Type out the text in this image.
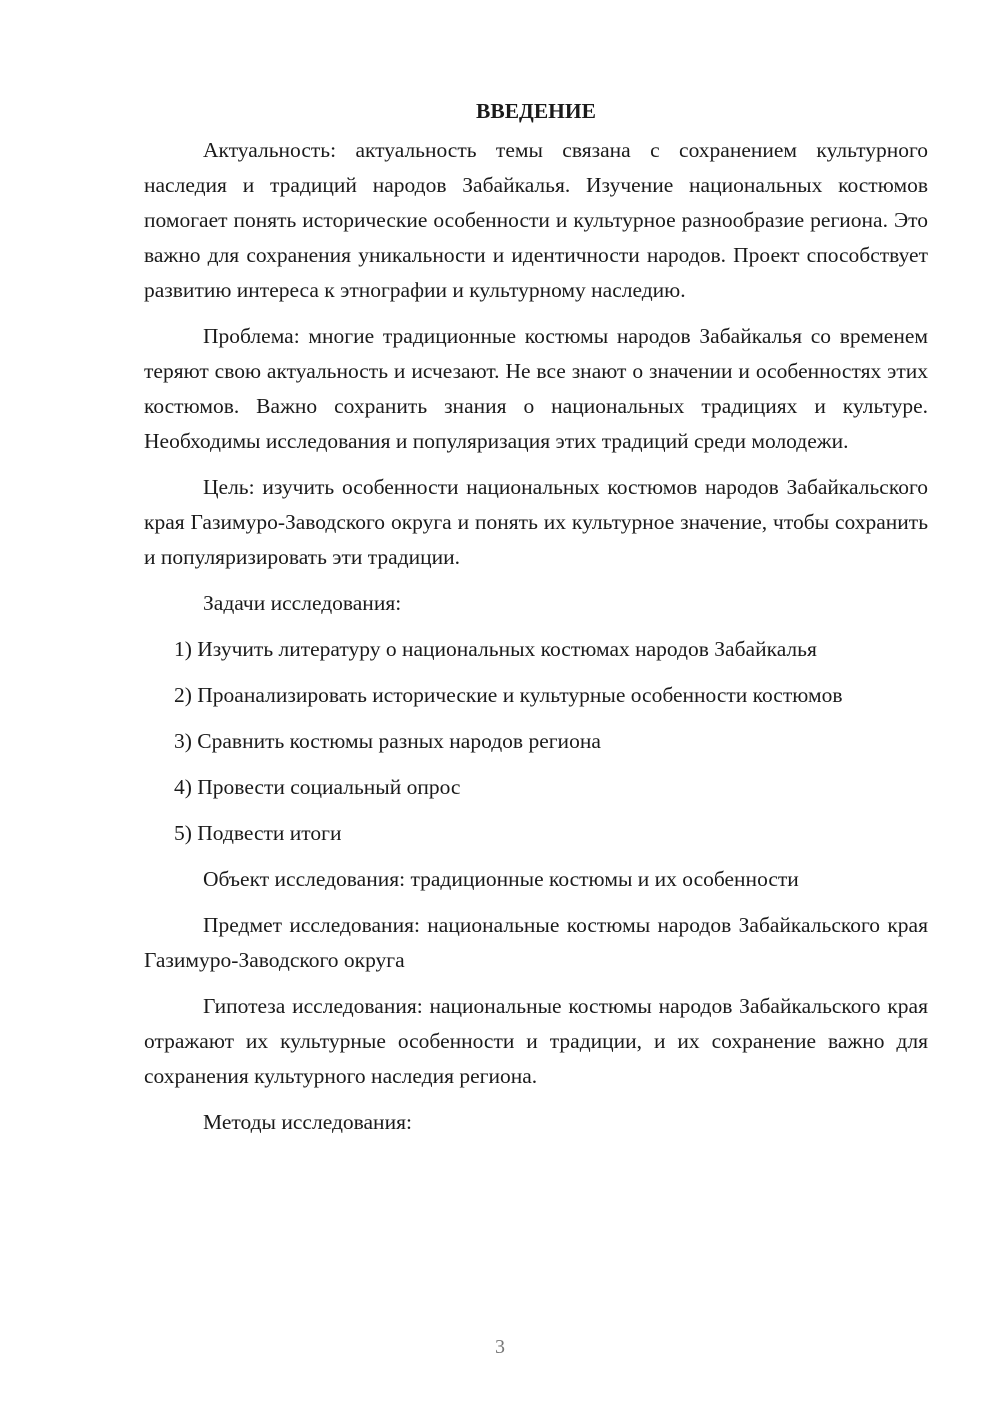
ВВЕДЕНИЕ

Актуальность: актуальность темы связана с сохранением культурного наследия и традиций народов Забайкалья. Изучение национальных костюмов помогает понять исторические особенности и культурное разнообразие региона. Это важно для сохранения уникальности и идентичности народов. Проект способствует развитию интереса к этнографии и культурному наследию.

Проблема: многие традиционные костюмы народов Забайкалья со временем теряют свою актуальность и исчезают. Не все знают о значении и особенностях этих костюмов. Важно сохранить знания о национальных традициях и культуре. Необходимы исследования и популяризация этих традиций среди молодежи.

Цель: изучить особенности национальных костюмов народов Забайкальского края Газимуро-Заводского округа и понять их культурное значение, чтобы сохранить и популяризировать эти традиции.

Задачи исследования:

1) Изучить литературу о национальных костюмах народов Забайкалья
2) Проанализировать исторические и культурные особенности костюмов
3) Сравнить костюмы разных народов региона
4) Провести социальный опрос
5) Подвести итоги

Объект исследования: традиционные костюмы и их особенности

Предмет исследования: национальные костюмы народов Забайкальского края Газимуро-Заводского округа

Гипотеза исследования: национальные костюмы народов Забайкальского края отражают их культурные особенности и традиции, и их сохранение важно для сохранения культурного наследия региона.

Методы исследования:

3
